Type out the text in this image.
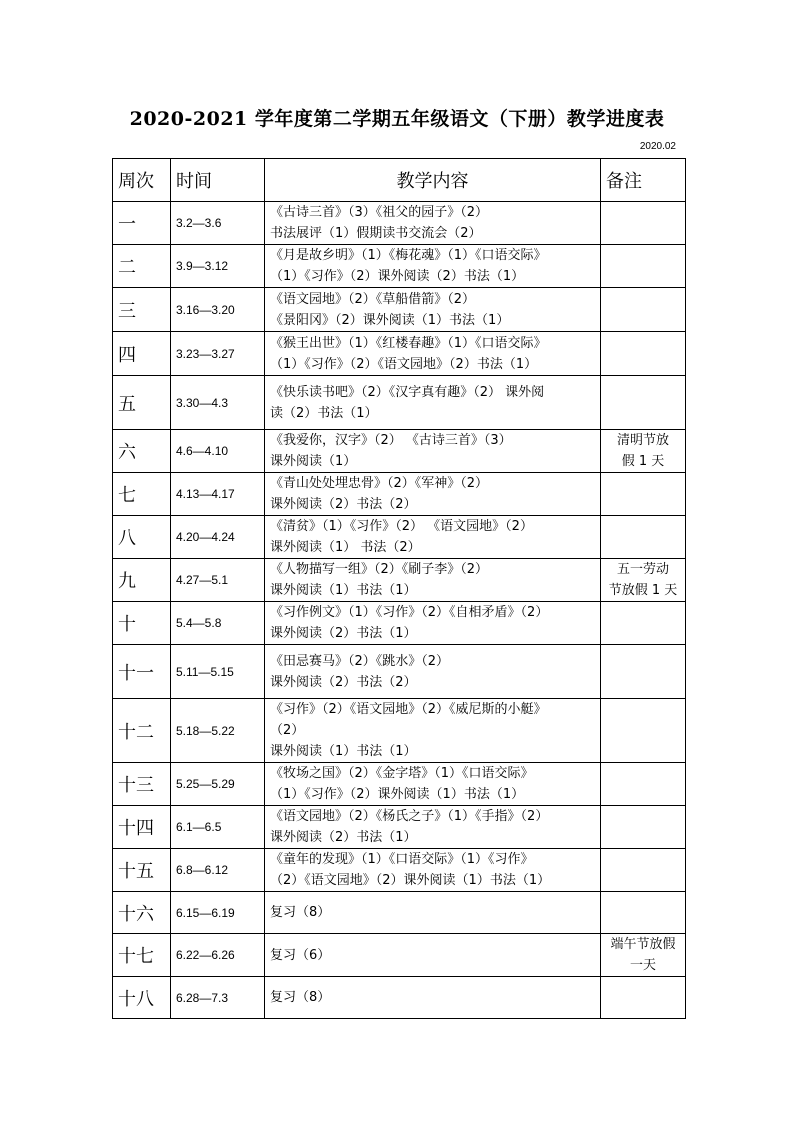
2020-2021 学年度第二学期五年级语文（下册）教学进度表
2020.02
周次	时间	教学内容	备注
一	3.2—3.6	《古诗三首》（3）《祖父的园子》（2）
书法展评（1）假期读书交流会（2）	

二	3.9—3.12	《月是故乡明》（1）《梅花魂》（1）《口语交际》
（1）《习作》（2）课外阅读（2）书法（1）	

三	3.16—3.20	《语文园地》（2）《草船借箭》（2）
《景阳冈》（2）课外阅读（1）书法（1）	

四	3.23—3.27	《猴王出世》（1）《红楼春趣》（1）《口语交际》
（1）《习作》（2）《语文园地》（2）书法（1）	

五	3.30—4.3	《快乐读书吧》（2）《汉字真有趣》（2） 课外阅
读（2）书法（1）	

六	4.6—4.10	《我爱你，汉字》（2） 《古诗三首》（3）
课外阅读（1）	清明节放
假 1 天

七	4.13—4.17	《青山处处埋忠骨》（2）《军神》（2）
课外阅读（2）书法（2）	

八	4.20—4.24	《清贫》（1）《习作》（2） 《语文园地》（2）
课外阅读（1） 书法（2）	

九	4.27—5.1	《人物描写一组》（2）《刷子李》（2）
课外阅读（1）书法（1）	五一劳动
节放假 1 天

十	5.4—5.8	《习作例文》（1）《习作》（2）《自相矛盾》（2）
课外阅读（2）书法（1）	

十一	5.11—5.15	《田忌赛马》（2）《跳水》（2）
课外阅读（2）书法（2）	

十二	5.18—5.22	《习作》（2）《语文园地》（2）《威尼斯的小艇》
（2）
课外阅读（1）书法（1）	

十三	5.25—5.29	《牧场之国》（2）《金字塔》（1）《口语交际》
（1）《习作》（2）课外阅读（1）书法（1）	

十四	6.1—6.5	《语文园地》（2）《杨氏之子》（1）《手指》（2）
课外阅读（2）书法（1）	

十五	6.8—6.12	《童年的发现》（1）《口语交际》（1）《习作》
（2）《语文园地》（2）课外阅读（1）书法（1）	

十六	6.15—6.19	复习（8）	

十七	6.22—6.26	复习（6）	端午节放假
一天

十八	6.28—7.3	复习（8）	
